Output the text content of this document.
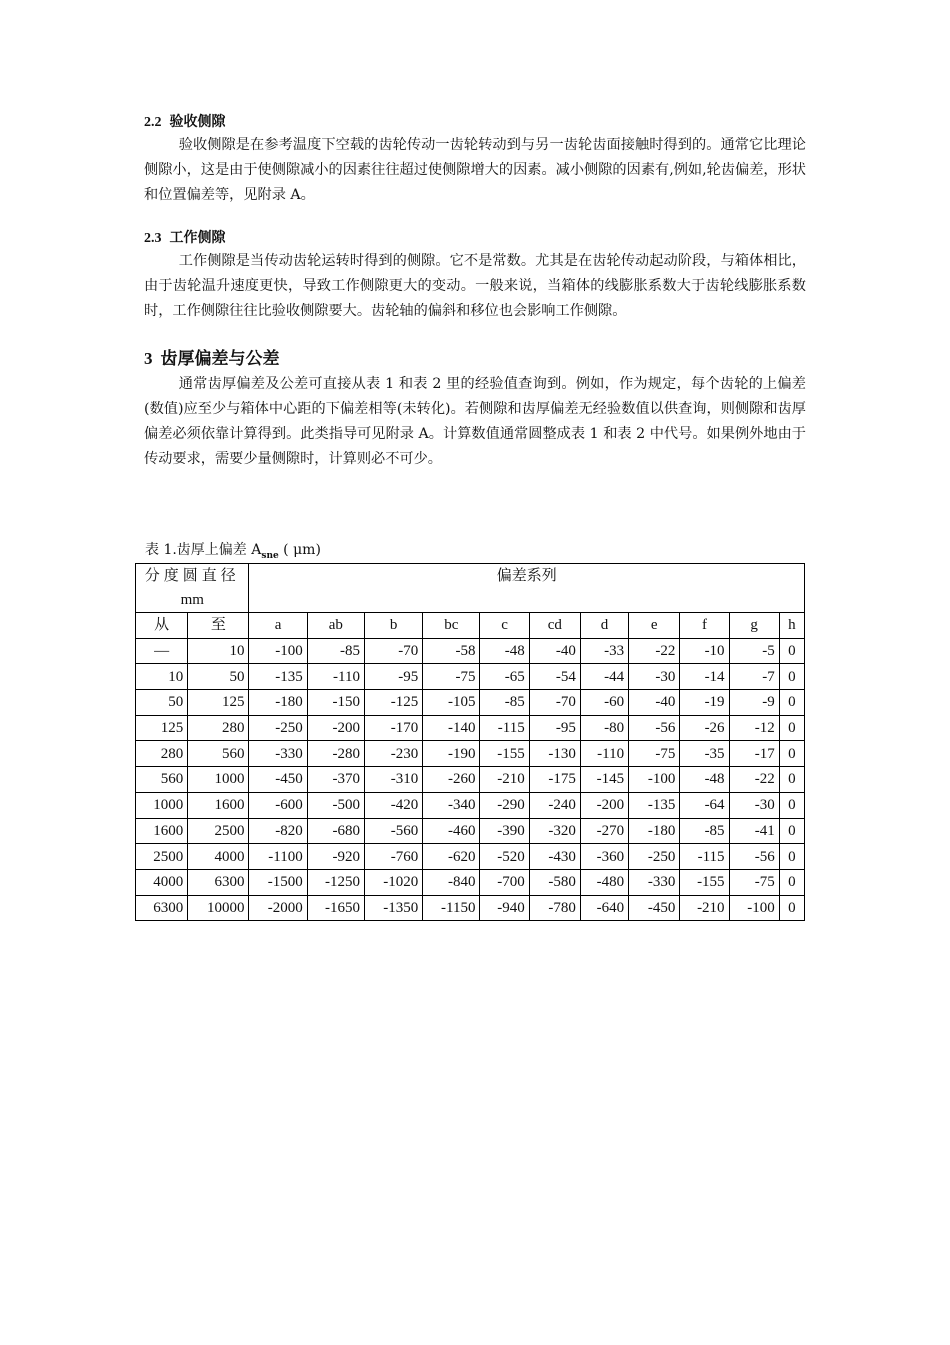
2.2 验收侧隙

验收侧隙是在参考温度下空载的齿轮传动一齿轮转动到与另一齿轮齿面接触时得到的。通常它比理论侧隙小，这是由于使侧隙减小的因素往往超过使侧隙增大的因素。减小侧隙的因素有,例如,轮齿偏差，形状和位置偏差等，见附录 A。

2.3 工作侧隙

工作侧隙是当传动齿轮运转时得到的侧隙。它不是常数。尤其是在齿轮传动起动阶段，与箱体相比，由于齿轮温升速度更快，导致工作侧隙更大的变动。一般来说，当箱体的线膨胀系数大于齿轮线膨胀系数时，工作侧隙往往比验收侧隙要大。齿轮轴的偏斜和移位也会影响工作侧隙。

3 齿厚偏差与公差

通常齿厚偏差及公差可直接从表 1 和表 2 里的经验值查询到。例如，作为规定，每个齿轮的上偏差(数值)应至少与箱体中心距的下偏差相等(未转化)。若侧隙和齿厚偏差无经验数值以供查询，则侧隙和齿厚偏差必须依靠计算得到。此类指导可见附录 A。计算数值通常圆整成表 1 和表 2 中代号。如果例外地由于传动要求，需要少量侧隙时，计算则必不可少。

表 1.齿厚上偏差 $A_{sne}$ ( μm)
分度圆直径
mm		偏差系列										
从	至	a	ab	b	bc	c	cd	d	e	f	g	h
—	10	-100	-85	-70	-58	-48	-40	-33	-22	-10	-5	0
10	50	-135	-110	-95	-75	-65	-54	-44	-30	-14	-7	0
50	125	-180	-150	-125	-105	-85	-70	-60	-40	-19	-9	0
125	280	-250	-200	-170	-140	-115	-95	-80	-56	-26	-12	0
280	560	-330	-280	-230	-190	-155	-130	-110	-75	-35	-17	0
560	1000	-450	-370	-310	-260	-210	-175	-145	-100	-48	-22	0
1000	1600	-600	-500	-420	-340	-290	-240	-200	-135	-64	-30	0
1600	2500	-820	-680	-560	-460	-390	-320	-270	-180	-85	-41	0
2500	4000	-1100	-920	-760	-620	-520	-430	-360	-250	-115	-56	0
4000	6300	-1500	-1250	-1020	-840	-700	-580	-480	-330	-155	-75	0
6300	10000	-2000	-1650	-1350	-1150	-940	-780	-640	-450	-210	-100	0
